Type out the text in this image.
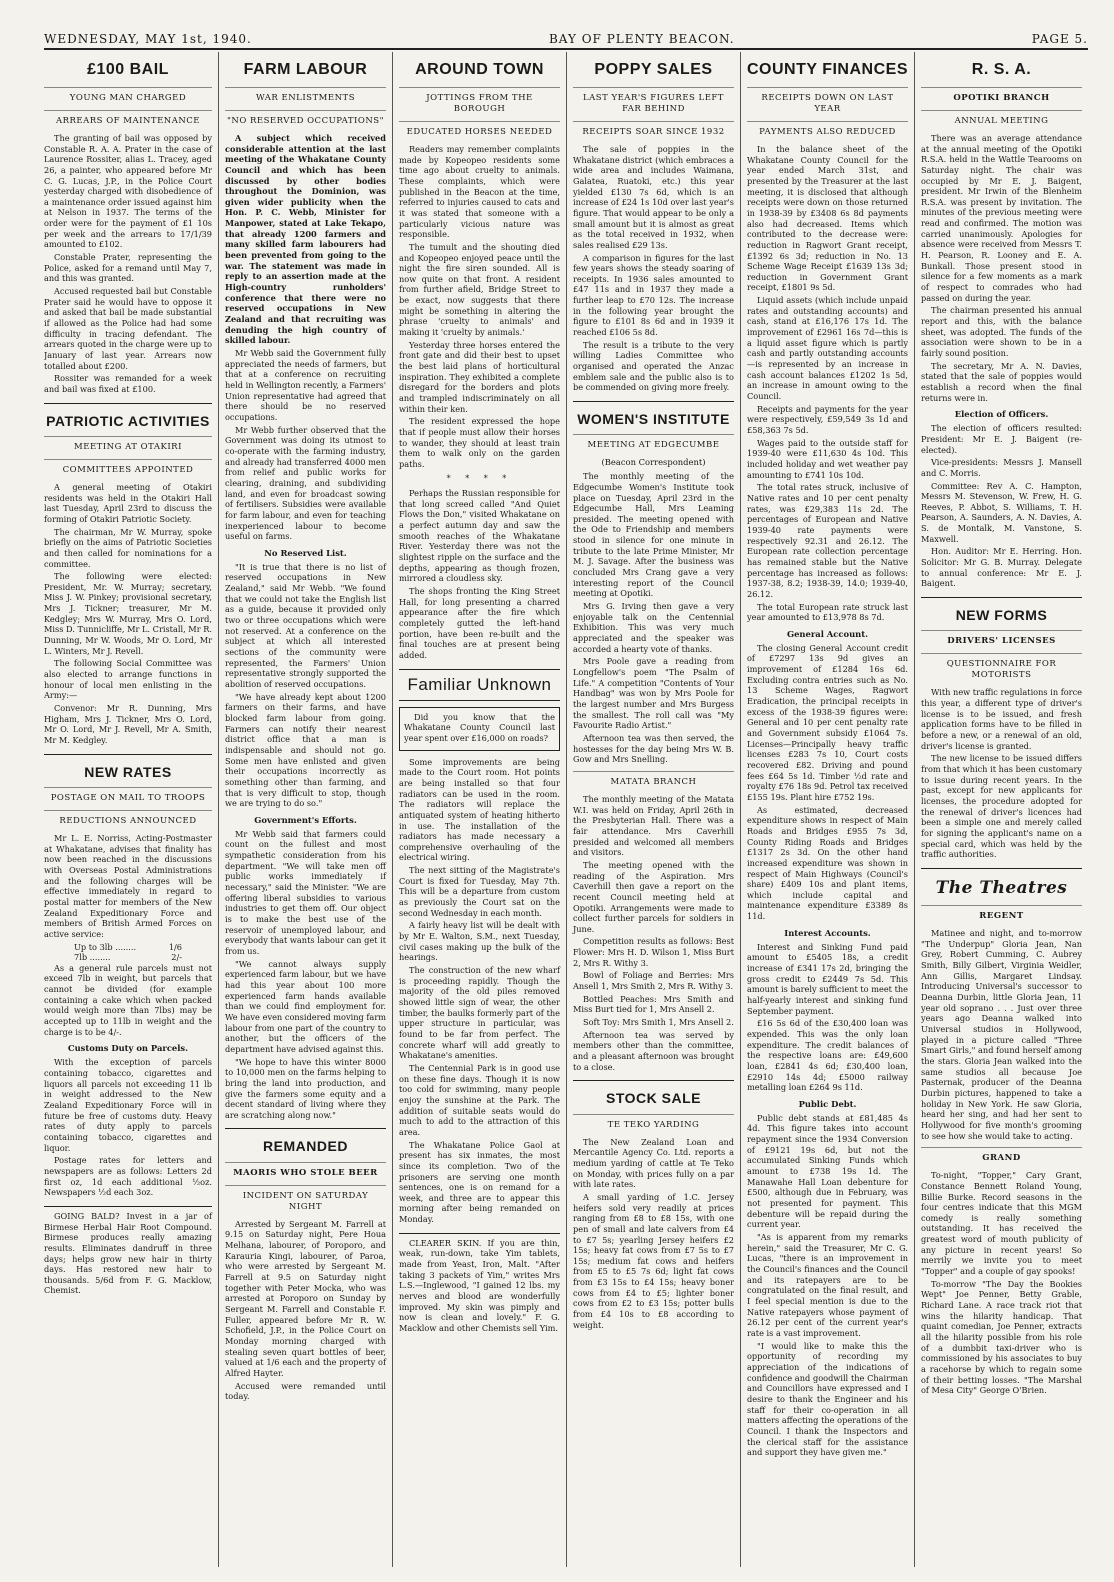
WEDNESDAY, MAY 1st, 1940.	BAY OF PLENTY BEACON.	PAGE 5.
£100 BAIL
YOUNG MAN CHARGED
ARREARS OF MAINTENANCE

The granting of bail was opposed by Constable R. A. A. Prater in the case of Laurence Rossiter, alias L. Tracey, aged 26, a painter, who appeared before Mr C. G. Lucas, J.P., in the Police Court yesterday charged with disobedience of a maintenance order issued against him at Nelson in 1937. The terms of the order were for the payment of £1 10s per week and the arrears to 17/1/39 amounted to £102.

Constable Prater, representing the Police, asked for a remand until May 7, and this was granted.

Accused requested bail but Constable Prater said he would have to oppose it and asked that bail be made substantial if allowed as the Police had had some difficulty in tracing defendant. The arrears quoted in the charge were up to January of last year. Arrears now totalled about £200.

Rossiter was remanded for a week and bail was fixed at £100.

PATRIOTIC ACTIVITIES
MEETING AT OTAKIRI
COMMITTEES APPOINTED

A general meeting of Otakiri residents was held in the Otakiri Hall last Tuesday, April 23rd to discuss the forming of Otakiri Patriotic Society.

The chairman, Mr W. Murray, spoke briefly on the aims of Patriotic Societies and then called for nominations for a committee.

The following were elected: President, Mr. W. Murray; secretary, Miss J. W. Pinkey; provisional secretary, Mrs J. Tickner; treasurer, Mr M. Kedgley; Mrs W. Murray, Mrs O. Lord, Miss D. Tunnicliffe, Mr L. Cristall, Mr R. Dunning, Mr W. Woods, Mr O. Lord, Mr L. Winters, Mr J. Revell.

The following Social Committee was also elected to arrange functions in honour of local men enlisting in the Army:—

Convenor: Mr R. Dunning, Mrs Higham, Mrs J. Tickner, Mrs O. Lord, Mr O. Lord, Mr J. Revell, Mr A. Smith, Mr M. Kedgley.

NEW RATES
POSTAGE ON MAIL TO TROOPS
REDUCTIONS ANNOUNCED

Mr L. E. Norriss, Acting-Postmaster at Whakatane, advises that finality has now been reached in the discussions with Overseas Postal Administrations and the following charges will be effective immediately in regard to postal matter for members of the New Zealand Expeditionary Force and members of British Armed Forces on active service:

Up to 3lb ........	1/6
7lb ........	2/-

As a general rule parcels must not exceed 7lb in weight, but parcels that cannot be divided (for example containing a cake which when packed would weigh more than 7lbs) may be accepted up to 11lb in weight and the charge is to be 4/-.

Customs Duty on Parcels.

With the exception of parcels containing tobacco, cigarettes and liquors all parcels not exceeding 11 lb in weight addressed to the New Zealand Expeditionary Force will in future be free of customs duty. Heavy rates of duty apply to parcels containing tobacco, cigarettes and liquor.

Postage rates for letters and newspapers are as follows: Letters 2d first oz, 1d each additional ½oz. Newspapers ½d each 3oz.

GOING BALD? Invest in a jar of Birmese Herbal Hair Root Compound. Birmese produces really amazing results. Eliminates dandruff in three days; helps grow new hair in thirty days. Has restored new hair to thousands. 5/6d from F. G. Macklow, Chemist.

FARM LABOUR
WAR ENLISTMENTS
"NO RESERVED OCCUPATIONS"

A subject which received considerable attention at the last meeting of the Whakatane County Council and which has been discussed by other bodies throughout the Dominion, was given wider publicity when the Hon. P. C. Webb, Minister for Manpower, stated at Lake Tekapo, that already 1200 farmers and many skilled farm labourers had been prevented from going to the war. The statement was made in reply to an assertion made at the High-country runholders' conference that there were no reserved occupations in New Zealand and that recruiting was denuding the high country of skilled labour.

Mr Webb said the Government fully appreciated the needs of farmers, but that at a conference on recruiting held in Wellington recently, a Farmers' Union representative had agreed that there should be no reserved occupations.

Mr Webb further observed that the Government was doing its utmost to co-operate with the farming industry, and already had transferred 4000 men from relief and public works for clearing, draining, and subdividing land, and even for broadcast sowing of fertilisers. Subsidies were available for farm labour, and even for teaching inexperienced labour to become useful on farms.

No Reserved List.

"It is true that there is no list of reserved occupations in New Zealand," said Mr Webb. "We found that we could not take the English list as a guide, because it provided only two or three occupations which were not reserved. At a conference on the subject at which all interested sections of the community were represented, the Farmers' Union representative strongly supported the abolition of reserved occupations.

"We have already kept about 1200 farmers on their farms, and have blocked farm labour from going. Farmers can notify their nearest district office that a man is indispensable and should not go. Some men have enlisted and given their occupations incorrectly as something other than farming, and that is very difficult to stop, though we are trying to do so."

Government's Efforts.

Mr Webb said that farmers could count on the fullest and most sympathetic consideration from his department. "We will take men off public works immediately if necessary," said the Minister. "We are offering liberal subsidies to various industries to get them off. Our object is to make the best use of the reservoir of unemployed labour, and everybody that wants labour can get it from us.

"We cannot always supply experienced farm labour, but we have had this year about 100 more experienced farm hands available than we could find employment for. We have even considered moving farm labour from one part of the country to another, but the officers of the department have advised against this.

"We hope to have this winter 8000 to 10,000 men on the farms helping to bring the land into production, and give the farmers some equity and a decent standard of living where they are scratching along now."

REMANDED
MAORIS WHO STOLE BEER
INCIDENT ON SATURDAY NIGHT

Arrested by Sergeant M. Farrell at 9.15 on Saturday night, Pere Houa Melhana, labourer, of Poroporo, and Karauria Kingi, labourer, of Paroa, who were arrested by Sergeant M. Farrell at 9.5 on Saturday night together with Peter Mocka, who was arrested at Poroporo on Sunday by Sergeant M. Farrell and Constable F. Fuller, appeared before Mr R. W. Schofield, J.P., in the Police Court on Monday morning charged with stealing seven quart bottles of beer, valued at 1/6 each and the property of Alfred Hayter.

Accused were remanded until today.

AROUND TOWN
JOTTINGS FROM THE BOROUGH
EDUCATED HORSES NEEDED

Readers may remember complaints made by Kopeopeo residents some time ago about cruelty to animals. These complaints, which were published in the Beacon at the time, referred to injuries caused to cats and it was stated that someone with a particularly vicious nature was responsible.

The tumult and the shouting died and Kopeopeo enjoyed peace until the night the fire siren sounded. All is now quite on that front. A resident from further afield, Bridge Street to be exact, now suggests that there might be something in altering the phrase 'cruelty to animals' and making it 'cruelty by animals.'

Yesterday three horses entered the front gate and did their best to upset the best laid plans of horticultural inspiration. They exhibited a complete disregard for the borders and plots and trampled indiscriminately on all within their ken.

The resident expressed the hope that if people must allow their horses to wander, they should at least train them to walk only on the garden paths.

* * * *

Perhaps the Russian responsible for that long screed called "And Quiet Flows the Don," visited Whakatane on a perfect autumn day and saw the smooth reaches of the Whakatane River. Yesterday there was not the slightest ripple on the surface and the depths, appearing as though frozen, mirrored a cloudless sky.

The shops fronting the King Street Hall, for long presenting a charred appearance after the fire which completely gutted the left-hand portion, have been re-built and the final touches are at present being added.

Familiar Unknown

Did you know that the Whakatane County Council last year spent over £16,000 on roads?

Some improvements are being made to the Court room. Hot points are being installed so that four radiators can be used in the room. The radiators will replace the antiquated system of heating hitherto in use. The installation of the radiators has made necessary a comprehensive overhauling of the electrical wiring.

The next sitting of the Magistrate's Court is fixed for Tuesday, May 7th. This will be a departure from custom as previously the Court sat on the second Wednesday in each month.

A fairly heavy list will be dealt with by Mr E. Walton, S.M., next Tuesday, civil cases making up the bulk of the hearings.

The construction of the new wharf is proceeding rapidly. Though the majority of the old piles removed showed little sign of wear, the other timber, the baulks formerly part of the upper structure in particular, was found to be far from perfect. The concrete wharf will add greatly to Whakatane's amenities.

The Centennial Park is in good use on these fine days. Though it is now too cold for swimming, many people enjoy the sunshine at the Park. The addition of suitable seats would do much to add to the attraction of this area.

The Whakatane Police Gaol at present has six inmates, the most since its completion. Two of the prisoners are serving one month sentences, one is on remand for a week, and three are to appear this morning after being remanded on Monday.

CLEARER SKIN. If you are thin, weak, run-down, take Yim tablets, made from Yeast, Iron, Malt. "After taking 3 packets of Yim," writes Mrs L.S.—Inglewood, "I gained 12 lbs. my nerves and blood are wonderfully improved. My skin was pimply and now is clean and lovely." F. G. Macklow and other Chemists sell Yim.

POPPY SALES
LAST YEAR'S FIGURES LEFT FAR BEHIND
RECEIPTS SOAR SINCE 1932

The sale of poppies in the Whakatane district (which embraces a wide area and includes Waimana, Galatea, Ruatoki, etc.) this year yielded £130 7s 6d, which is an increase of £24 1s 10d over last year's figure. That would appear to be only a small amount but it is almost as great as the total received in 1932, when sales realised £29 13s.

A comparison in figures for the last few years shows the steady soaring of receipts. In 1936 sales amounted to £47 11s and in 1937 they made a further leap to £70 12s. The increase in the following year brought the figure to £101 8s 6d and in 1939 it reached £106 5s 8d.

The result is a tribute to the very willing Ladies Committee who organised and operated the Anzac emblem sale and the public also is to be commended on giving more freely.

WOMEN'S INSTITUTE
MEETING AT EDGECUMBE
(Beacon Correspondent)

The monthly meeting of the Edgecumbe Women's Institute took place on Tuesday, April 23rd in the Edgecumbe Hall, Mrs Leaming presided. The meeting opened with the Ode to Friendship and members stood in silence for one minute in tribute to the late Prime Minister, Mr M. J. Savage. After the business was concluded Mrs Crang gave a very interesting report of the Council meeting at Opotiki.

Mrs G. Irving then gave a very enjoyable talk on the Centennial Exhibition. This was very much appreciated and the speaker was accorded a hearty vote of thanks.

Mrs Poole gave a reading from Longfellow's poem "The Psalm of Life." A competition "Contents of Your Handbag" was won by Mrs Poole for the largest number and Mrs Burgess the smallest. The roll call was "My Favourite Radio Artist."

Afternoon tea was then served, the hostesses for the day being Mrs W. B. Gow and Mrs Snelling.

MATATA BRANCH

The monthly meeting of the Matata W.I. was held on Friday, April 26th in the Presbyterian Hall. There was a fair attendance. Mrs Caverhill presided and welcomed all members and visitors.

The meeting opened with the reading of the Aspiration. Mrs Caverhill then gave a report on the recent Council meeting held at Opotiki. Arrangements were made to collect further parcels for soldiers in June.

Competition results as follows: Best Flower: Mrs H. D. Wilson 1, Miss Burt 2, Mrs R. Withy 3.

Bowl of Foliage and Berries: Mrs Ansell 1, Mrs Smith 2, Mrs R. Withy 3.

Bottled Peaches: Mrs Smith and Miss Burt tied for 1, Mrs Ansell 2.

Soft Toy: Mrs Smith 1, Mrs Ansell 2.

Afternoon tea was served by members other than the committee, and a pleasant afternoon was brought to a close.

STOCK SALE
TE TEKO YARDING

The New Zealand Loan and Mercantile Agency Co. Ltd. reports a medium yarding of cattle at Te Teko on Monday, with prices fully on a par with late rates.

A small yarding of 1.C. Jersey heifers sold very readily at prices ranging from £8 to £8 15s, with one pen of small and late calvers from £4 to £7 5s; yearling Jersey heifers £2 15s; heavy fat cows from £7 5s to £7 15s; medium fat cows and heifers from £5 to £5 7s 6d; light fat cows from £3 15s to £4 15s; heavy boner cows from £4 to £5; lighter boner cows from £2 to £3 15s; potter bulls from £4 10s to £8 according to weight.

COUNTY FINANCES
RECEIPTS DOWN ON LAST YEAR
PAYMENTS ALSO REDUCED

In the balance sheet of the Whakatane County Council for the year ended March 31st, and presented by the Treasurer at the last meeting, it is disclosed that although receipts were down on those returned in 1938-39 by £3408 6s 8d payments also had decreased. Items which contributed to the decrease were: reduction in Ragwort Grant receipt, £1392 6s 3d; reduction in No. 13 Scheme Wage Receipt £1639 13s 3d; reduction in Government Grant receipt, £1801 9s 5d.

Liquid assets (which include unpaid rates and outstanding accounts) and cash, stand at £16,176 17s 1d. The improvement of £2961 16s 7d—this is a liquid asset figure which is partly cash and partly outstanding accounts—is represented by an increase in cash account balances £1202 1s 5d, an increase in amount owing to the Council.

Receipts and payments for the year were respectively, £59,549 3s 1d and £58,363 7s 5d.

Wages paid to the outside staff for 1939-40 were £11,630 4s 10d. This included holiday and wet weather pay amounting to £741 10s 10d.

The total rates struck, inclusive of Native rates and 10 per cent penalty rates, was £29,383 11s 2d. The percentages of European and Native 1939-40 rate payments were respectively 92.31 and 26.12. The European rate collection percentage has remained stable but the Native percentage has increased as follows: 1937-38, 8.2; 1938-39, 14.0; 1939-40, 26.12.

The total European rate struck last year amounted to £13,978 8s 7d.

General Account.

The closing General Account credit of £7297 13s 9d gives an improvement of £1284 16s 6d. Excluding contra entries such as No. 13 Scheme Wages, Ragwort Eradication, the principal receipts in excess of the 1938-39 figures were: General and 10 per cent penalty rate and Government subsidy £1064 7s. Licenses—Principally heavy traffic licenses £283 7s 10, Court costs recovered £82. Driving and pound fees £64 5s 1d. Timber ½d rate and royalty £76 18s 9d. Petrol tax received £155 19s. Plant hire £752 19s.

As estimated, decreased expenditure shows in respect of Main Roads and Bridges £955 7s 3d, County Riding Roads and Bridges £1317 2s 3d. On the other hand increased expenditure was shown in respect of Main Highways (Council's share) £409 10s and plant items, which include capital and maintenance expenditure £3389 8s 11d.

Interest Accounts.

Interest and Sinking Fund paid amount to £5405 18s, a credit increase of £341 17s 2d, bringing the gross credit to £2449 7s 5d. This amount is barely sufficient to meet the half-yearly interest and sinking fund September payment.

£16 5s 6d of the £30,400 loan was expended. This was the only loan expenditure. The credit balances of the respective loans are: £49,600 loan, £2841 4s 6d; £30,400 loan, £2910 14s 4d; £5000 railway metalling loan £264 9s 11d.

Public Debt.

Public debt stands at £81,485 4s 4d. This figure takes into account repayment since the 1934 Conversion of £9121 19s 6d, but not the accumulated Sinking Funds which amount to £738 19s 1d. The Manawahe Hall Loan debenture for £500, although due in February, was not presented for payment. This debenture will be repaid during the current year.

"As is apparent from my remarks herein," said the Treasurer, Mr C. G. Lucas, "there is an improvement in the Council's finances and the Council and its ratepayers are to be congratulated on the final result, and I feel special mention is due to the Native ratepayers whose payment of 26.12 per cent of the current year's rate is a vast improvement.

"I would like to make this the opportunity of recording my appreciation of the indications of confidence and goodwill the Chairman and Councillors have expressed and I desire to thank the Engineer and his staff for their co-operation in all matters affecting the operations of the Council. I thank the Inspectors and the clerical staff for the assistance and support they have given me."

R. S. A.
OPOTIKI BRANCH
ANNUAL MEETING

There was an average attendance at the annual meeting of the Opotiki R.S.A. held in the Wattle Tearooms on Saturday night. The chair was occupied by Mr E. J. Baigent, president. Mr Irwin of the Blenheim R.S.A. was present by invitation. The minutes of the previous meeting were read and confirmed. The motion was carried unanimously. Apologies for absence were received from Messrs T. H. Pearson, R. Looney and E. A. Bunkall. Those present stood in silence for a few moments as a mark of respect to comrades who had passed on during the year.

The chairman presented his annual report and this, with the balance sheet, was adopted. The funds of the association were shown to be in a fairly sound position.

The secretary, Mr A. N. Davies, stated that the sale of poppies would establish a record when the final returns were in.

Election of Officers.

The election of officers resulted: President: Mr E. J. Baigent (re-elected).

Vice-presidents: Messrs J. Mansell and C. Morris.

Committee: Rev A. C. Hampton, Messrs M. Stevenson, W. Frew, H. G. Reeves, P. Abbot, S. Williams, T. H. Pearson, A. Saunders, A. N. Davies, A. S. de Montalk, M. Vanstone, S. Maxwell.

Hon. Auditor: Mr E. Herring. Hon. Solicitor: Mr G. B. Murray. Delegate to annual conference: Mr E. J. Baigent.

NEW FORMS
DRIVERS' LICENSES
QUESTIONNAIRE FOR MOTORISTS

With new traffic regulations in force this year, a different type of driver's license is to be issued, and fresh application forms have to be filled in before a new, or a renewal of an old, driver's license is granted.

The new license to be issued differs from that which it has been customary to issue during recent years. In the past, except for new applicants for licenses, the procedure adopted for the renewal of driver's licences had been a simple one and merely called for signing the applicant's name on a special card, which was held by the traffic authorities.

The Theatres
REGENT

Matinee and night, and to-morrow "The Underpup" Gloria Jean, Nan Grey, Robert Cumming, C. Aubrey Smith, Billy Gilbert, Virginia Weidler, Ann Gillis, Margaret Lindsay. Introducing Universal's successor to Deanna Durbin, little Gloria Jean, 11 year old soprano . . . Just over three years ago Deanna walked into Universal studios in Hollywood, played in a picture called "Three Smart Girls," and found herself among the stars. Gloria Jean walked into the same studios all because Joe Pasternak, producer of the Deanna Durbin pictures, happened to take a holiday in New York. He saw Gloria, heard her sing, and had her sent to Hollywood for five month's grooming to see how she would take to acting.

GRAND

To-night, "Topper," Cary Grant, Constance Bennett Roland Young, Billie Burke. Record seasons in the four centres indicate that this MGM comedy is really something outstanding. It has received the greatest word of mouth publicity of any picture in recent years! So merrily we invite you to meet "Topper" and a couple of gay spooks!

To-morrow "The Day the Bookies Wept" Joe Penner, Betty Grable, Richard Lane. A race track riot that wins the hilarity handicap. That quaint comedian, Joe Penner, extracts all the hilarity possible from his role of a dumbbit taxi-driver who is commissioned by his associates to buy a racehorse by which to regain some of their betting losses. "The Marshal of Mesa City" George O'Brien.
